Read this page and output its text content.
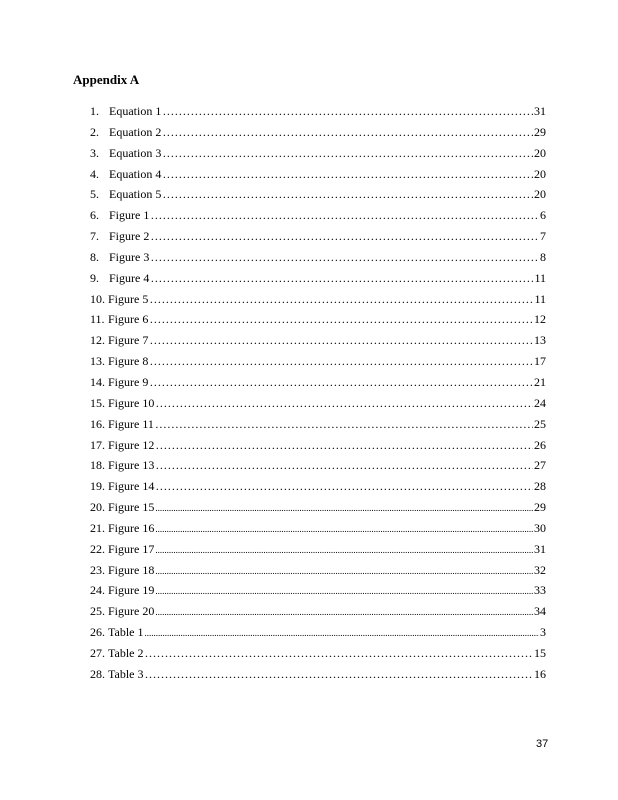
Appendix A
1. Equation 1 …………………………………………………………………………………………………………………………………………………	31
2. Equation 2 …………………………………………………………………………………………………………………………………………………	29
3. Equation 3 …………………………………………………………………………………………………………………………………………………	20
4. Equation 4 …………………………………………………………………………………………………………………………………………………	20
5. Equation 5 …………………………………………………………………………………………………………………………………………………	20
6. Figure 1 …………………………………………………………………………………………………………………………………………………	6
7. Figure 2 …………………………………………………………………………………………………………………………………………………	7
8. Figure 3 …………………………………………………………………………………………………………………………………………………	8
9. Figure 4 …………………………………………………………………………………………………………………………………………………	11
10. Figure 5 …………………………………………………………………………………………………………………………………………………	11
11. Figure 6 …………………………………………………………………………………………………………………………………………………	12
12. Figure 7 …………………………………………………………………………………………………………………………………………………	13
13. Figure 8 …………………………………………………………………………………………………………………………………………………	17
14. Figure 9 …………………………………………………………………………………………………………………………………………………	21
15. Figure 10 …………………………………………………………………………………………………………………………………………………	24
16. Figure 11 …………………………………………………………………………………………………………………………………………………	25
17. Figure 12 …………………………………………………………………………………………………………………………………………………	26
18. Figure 13 …………………………………………………………………………………………………………………………………………………	27
19. Figure 14 …………………………………………………………………………………………………………………………………………………	28
20. Figure 15 .....	29
21. Figure 16 .....	30
22. Figure 17 .....	31
23. Figure 18 .....	32
24. Figure 19 .....	33
25. Figure 20 .....	34
26. Table 1 .....	3
27. Table 2 …………………………………………………………………………………………………………………………………………………	15
28. Table 3 …………………………………………………………………………………………………………………………………………………	16

37
